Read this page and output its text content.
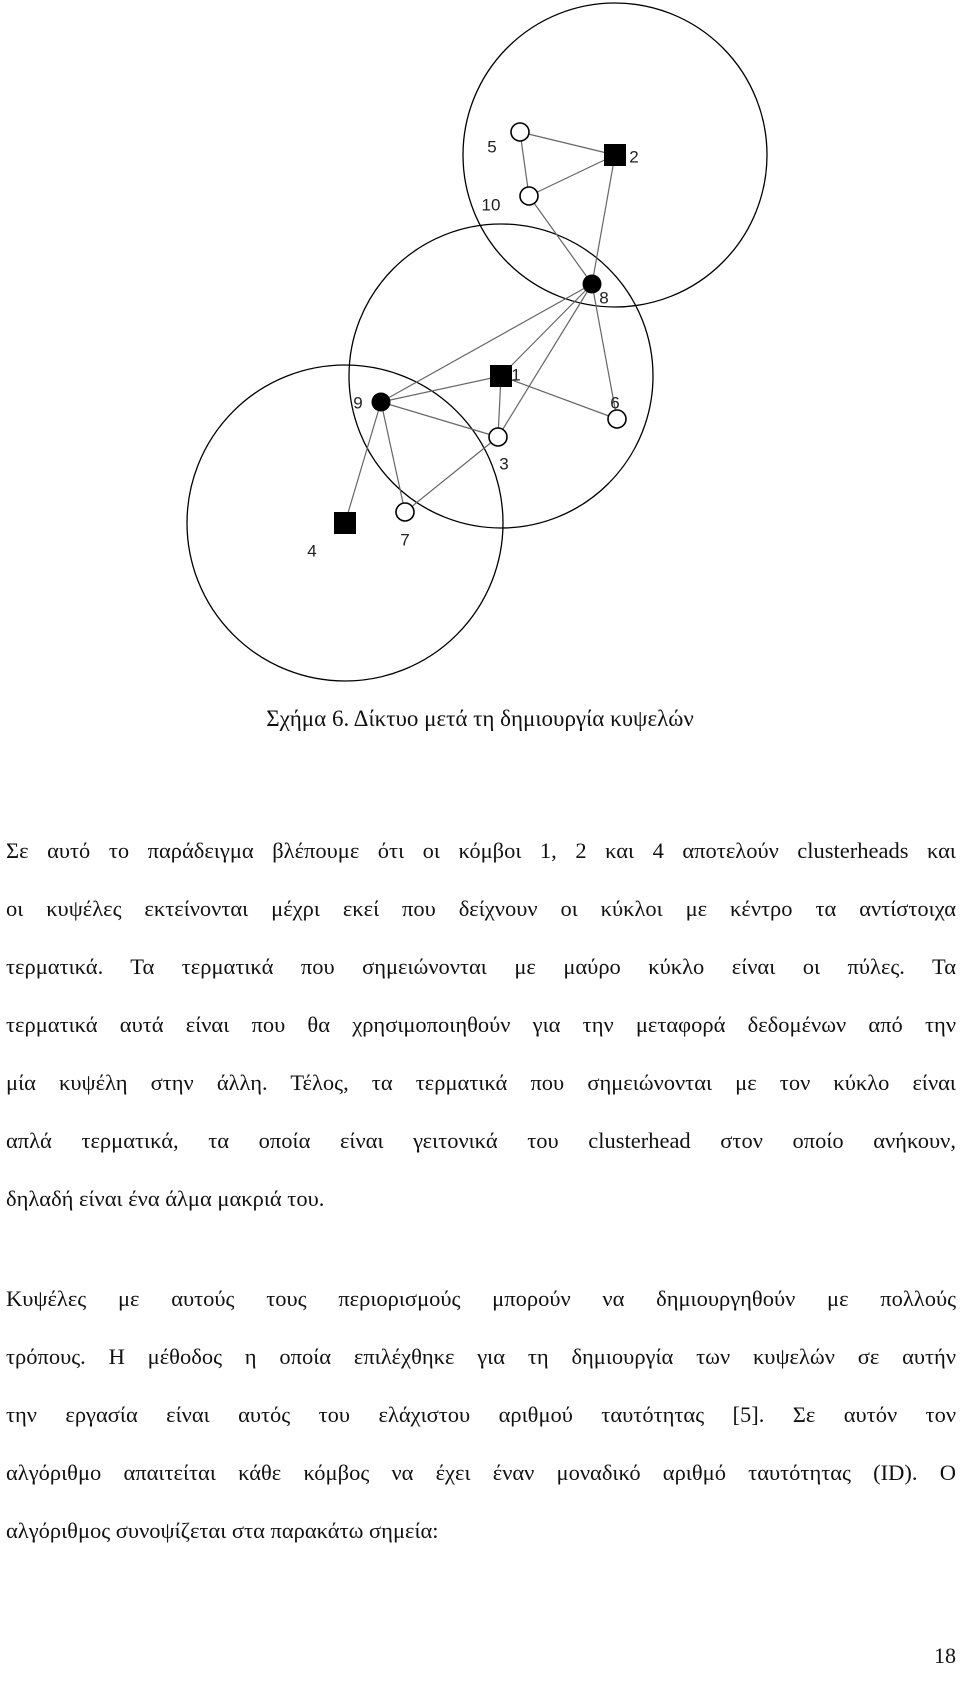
1
2
3
4
5
6
7
8
9
10
Σχήμα 6. Δίκτυο μετά τη δημιουργία κυψελών
Σε αυτό το παράδειγμα βλέπουμε ότι οι κόμβοι 1, 2 και 4 αποτελούν clusterheads και
οι κυψέλες εκτείνονται μέχρι εκεί που δείχνουν οι κύκλοι με κέντρο τα αντίστοιχα
τερματικά. Τα τερματικά που σημειώνονται με μαύρο κύκλο είναι οι πύλες. Τα
τερματικά αυτά είναι που θα χρησιμοποιηθούν για την μεταφορά δεδομένων από την
μία κυψέλη στην άλλη. Τέλος, τα τερματικά που σημειώνονται με τον κύκλο είναι
απλά τερματικά, τα οποία είναι γειτονικά του clusterhead στον οποίο ανήκουν,
δηλαδή είναι ένα άλμα μακριά του.
Κυψέλες με αυτούς τους περιορισμούς μπορούν να δημιουργηθούν με πολλούς
τρόπους. Η μέθοδος η οποία επιλέχθηκε για τη δημιουργία των κυψελών σε αυτήν
την εργασία είναι αυτός του ελάχιστου αριθμού ταυτότητας [5]. Σε αυτόν τον
αλγόριθμο απαιτείται κάθε κόμβος να έχει έναν μοναδικό αριθμό ταυτότητας (ID). Ο
αλγόριθμος συνοψίζεται στα παρακάτω σημεία:
18
